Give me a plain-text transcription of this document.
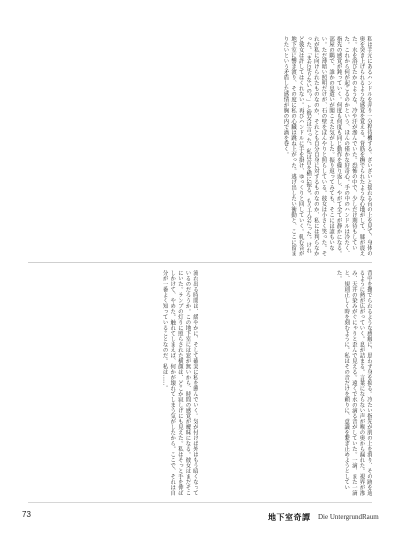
私は手元にあるハンドルを弄り一分程待機する。ざいざいと揺れる台の上を見て、身体の奥を突き上げられるような感覚を覚える。背筋を撫でられたような心地がして、膝が震えた。水を浴びたかのような、冷や汗が滲んでいた。恐怖の中で、少しだけ期待もしていた。これから何が起こるのかという、ほんの僅かな好奇心。手の中のハンドルは冷たく、指先の感覚が鈍っていく。何度も何度も同じ動作を繰り返し、やがて全てが静かになる。部屋の隅で、誰かの息遣いが聞こえた気がした。振り返ってみても、そこには誰もいない。ただ薄暗い照明だけが、石の壁をぼんやりと照らしている。彼女は小さく笑った。それが私に向けられたものなのか、それとも自分自身に対するものなのか、私には判らなかった。「まだ足りないの？」と彼女は言った。私は首を横に振る。もう十分だった。けれど彼女は許してはくれない。再びハンドルに手を掛け、ゆっくりと回していく。軋む音が地下室に響き渡り、その度に私の心臓は跳ね上がった。逃げ出したい衝動と、ここに留まりたいという矛盾した感情が胸の内で渦を巻く。
背中を撫でられるような感触に、思わず身を捩る。冷たい指先が肌の上を滑り、その跡を辿るように熱が広がっていく。息が詰まる。言葉にならない声が喉の奥から漏れた。視界が滲み、天井の染みがぐにゃりと歪んで見える。遠くで水の滴る音がしていた。一滴、また一滴と、規則正しく時を刻むように。私はその音だけを頼りに、意識を繋ぎ止めようとしていた。
流れ出る時間は、緩やかに、そして確実に私を蝕んでいく。気が付けば外はもう暗くなっているのだろうか。この地下室には窓が無いから、時間の感覚が曖昧になる。彼女はまだそこにいた。ランプの灯りに照らされた横顔は、どこか寂しげにも見えた。私はそっと手を伸ばしかけて、やめた。触れてしまえば、何かが壊れてしまう気がしたから。ここで、それは自分が一番よく知っていることなのだ。私は……。
73	地下室奇譚 Die UntergrundRaum
